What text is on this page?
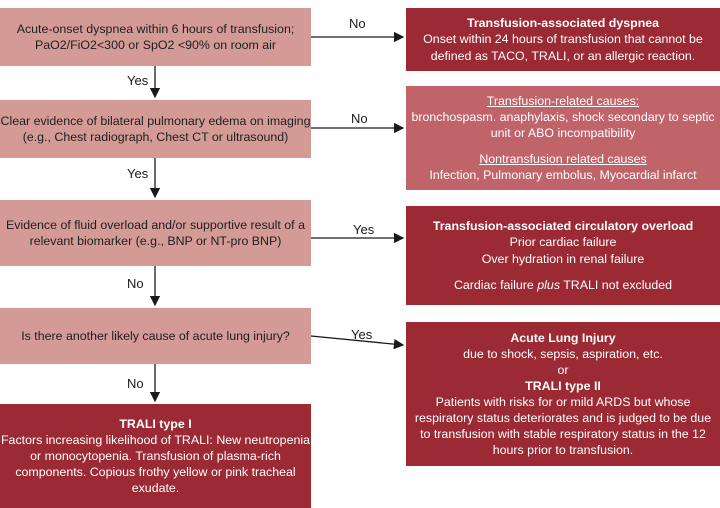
Acute-onset dyspnea within 6 hours of transfusion;
PaO2/FiO2<300 or SpO2 <90% on room air
Clear evidence of bilateral pulmonary edema on imaging
(e.g., Chest radiograph, Chest CT or ultrasound)
Evidence of fluid overload and/or supportive result of a
relevant biomarker (e.g., BNP or NT-pro BNP)
Is there another likely cause of acute lung injury?
No
Yes
No
Yes
Yes
No
Yes
No
Transfusion-associated dyspnea
Onset within 24 hours of transfusion that cannot be
defined as TACO, TRALI, or an allergic reaction.
Transfusion-related causes:
bronchospasm. anaphylaxis, shock secondary to septic
unit or ABO incompatibility
Nontransfusion related causes
Infection, Pulmonary embolus, Myocardial infarct
Transfusion-associated circulatory overload
Prior cardiac failure
Over hydration in renal failure
Cardiac failure plus TRALI not excluded
Acute Lung Injury
due to shock, sepsis, aspiration, etc.
or
TRALI type II
Patients with risks for or mild ARDS but whose
respiratory status deteriorates and is judged to be due
to transfusion with stable respiratory status in the 12
hours prior to transfusion.
TRALI type I
Factors increasing likelihood of TRALI: New neutropenia
or monocytopenia. Transfusion of plasma-rich
components. Copious frothy yellow or pink tracheal
exudate.
